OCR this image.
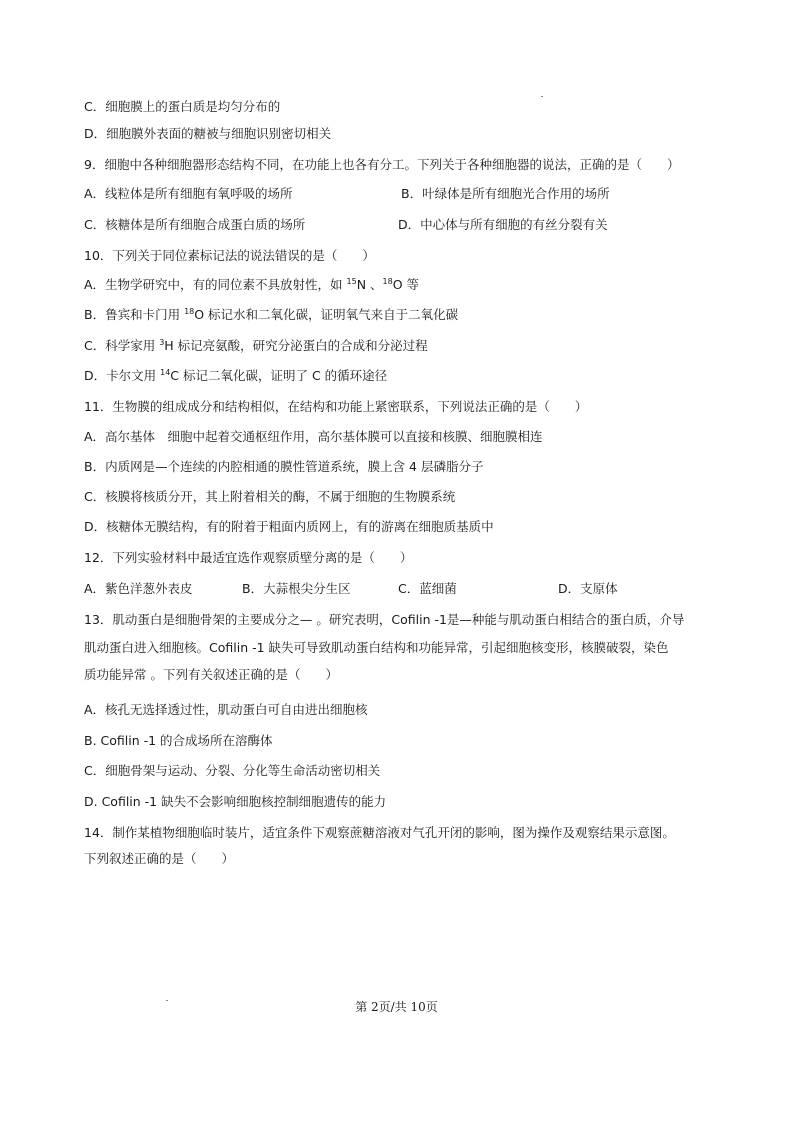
C．细胞膜上的蛋白质是均匀分布的
D．细胞膜外表面的糖被与细胞识别密切相关
9．细胞中各种细胞器形态结构不同，在功能上也各有分工。下列关于各种细胞器的说法，正确的是（　　）
A．线粒体是所有细胞有氧呼吸的场所	B．叶绿体是所有细胞光合作用的场所
C．核糖体是所有细胞合成蛋白质的场所	D．中心体与所有细胞的有丝分裂有关
10．下列关于同位素标记法的说法错误的是（　　）
A．生物学研究中，有的同位素不具放射性，如 $^{15}$N 、$^{18}$O 等
B．鲁宾和卡门用 $^{18}$O 标记水和二氧化碳，证明氧气来自于二氧化碳
C．科学家用 $^3$H 标记亮氨酸，研究分泌蛋白的合成和分泌过程
D．卡尔文用 $^{14}$C 标记二氧化碳，证明了 C 的循环途径
11．生物膜的组成成分和结构相似，在结构和功能上紧密联系，下列说法正确的是（　　）
A．高尔基体　细胞中起着交通枢纽作用，高尔基体膜可以直接和核膜、细胞膜相连
B．内质网是—个连续的内腔相通的膜性管道系统，膜上含 4 层磷脂分子
C．核膜将核质分开，其上附着相关的酶，不属于细胞的生物膜系统
D．核糖体无膜结构，有的附着于粗面内质网上，有的游离在细胞质基质中
12．下列实验材料中最适宜选作观察质壁分离的是（　　）
A．紫色洋葱外表皮	B．大蒜根尖分生区	C．蓝细菌	D．支原体
13．肌动蛋白是细胞骨架的主要成分之— 。研究表明，Cofilin -1是—种能与肌动蛋白相结合的蛋白质，介导
肌动蛋白进入细胞核。Cofilin -1 缺失可导致肌动蛋白结构和功能异常，引起细胞核变形，核膜破裂，染色
质功能异常 。下列有关叙述正确的是（　　）
A．核孔无选择透过性，肌动蛋白可自由进出细胞核
B. Cofilin -1 的合成场所在溶酶体
C．细胞骨架与运动、分裂、分化等生命活动密切相关
D. Cofilin -1 缺失不会影响细胞核控制细胞遗传的能力
14．制作某植物细胞临时装片，适宜条件下观察蔗糖溶液对气孔开闭的影响，图为操作及观察结果示意图。
下列叙述正确的是（　　）
第 2页/共 10页
